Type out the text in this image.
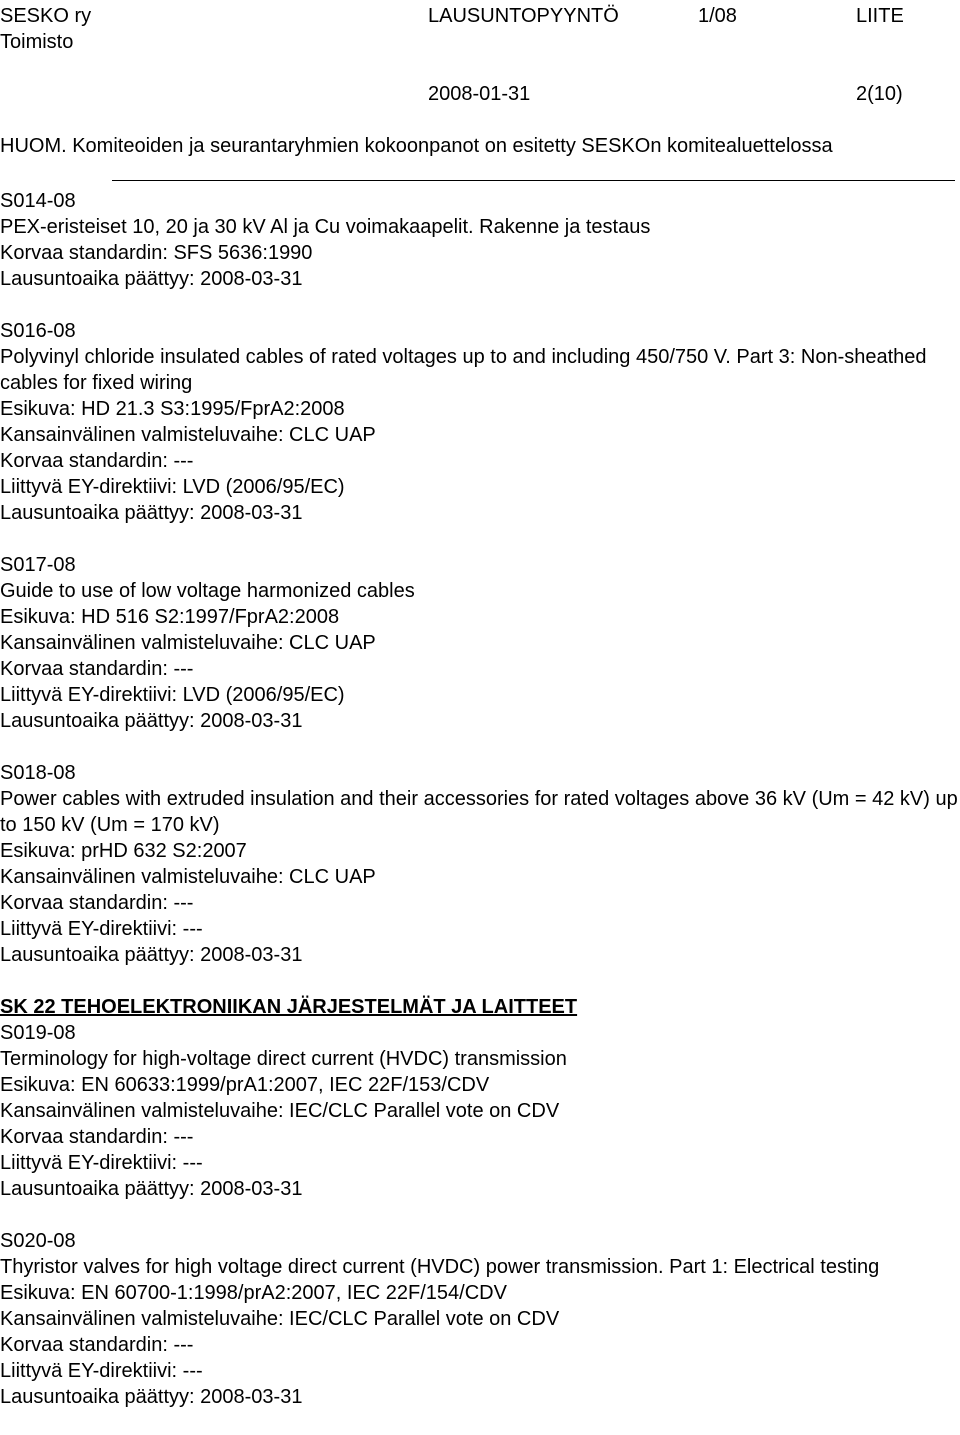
SESKO ry
Toimisto
LAUSUNTOPYYNTÖ	1/08	LIITE
2008-01-31	2(10)
HUOM. Komiteoiden ja seurantaryhmien kokoonpanot on esitetty SESKOn komitealuettelossa
S014-08
PEX-eristeiset 10, 20 ja 30 kV Al ja Cu voimakaapelit. Rakenne ja testaus
Korvaa standardin: SFS 5636:1990
Lausuntoaika päättyy: 2008-03-31
S016-08
Polyvinyl chloride insulated cables of rated voltages up to and including 450/750 V. Part 3: Non-sheathed cables for fixed wiring
Esikuva: HD 21.3 S3:1995/FprA2:2008
Kansainvälinen valmisteluvaihe: CLC UAP
Korvaa standardin: ---
Liittyvä EY-direktiivi: LVD (2006/95/EC)
Lausuntoaika päättyy: 2008-03-31
S017-08
Guide to use of low voltage harmonized cables
Esikuva: HD 516 S2:1997/FprA2:2008
Kansainvälinen valmisteluvaihe: CLC UAP
Korvaa standardin: ---
Liittyvä EY-direktiivi: LVD (2006/95/EC)
Lausuntoaika päättyy: 2008-03-31
S018-08
Power cables with extruded insulation and their accessories for rated voltages above 36 kV (Um = 42 kV) up to 150 kV (Um = 170 kV)
Esikuva: prHD 632 S2:2007
Kansainvälinen valmisteluvaihe: CLC UAP
Korvaa standardin: ---
Liittyvä EY-direktiivi: ---
Lausuntoaika päättyy: 2008-03-31
SK 22 TEHOELEKTRONIIKAN JÄRJESTELMÄT JA LAITTEET
S019-08
Terminology for high-voltage direct current (HVDC) transmission
Esikuva: EN 60633:1999/prA1:2007, IEC 22F/153/CDV
Kansainvälinen valmisteluvaihe: IEC/CLC Parallel vote on CDV
Korvaa standardin: ---
Liittyvä EY-direktiivi: ---
Lausuntoaika päättyy: 2008-03-31
S020-08
Thyristor valves for high voltage direct current (HVDC) power transmission. Part 1: Electrical testing
Esikuva: EN 60700-1:1998/prA2:2007, IEC 22F/154/CDV
Kansainvälinen valmisteluvaihe: IEC/CLC Parallel vote on CDV
Korvaa standardin: ---
Liittyvä EY-direktiivi: ---
Lausuntoaika päättyy: 2008-03-31
